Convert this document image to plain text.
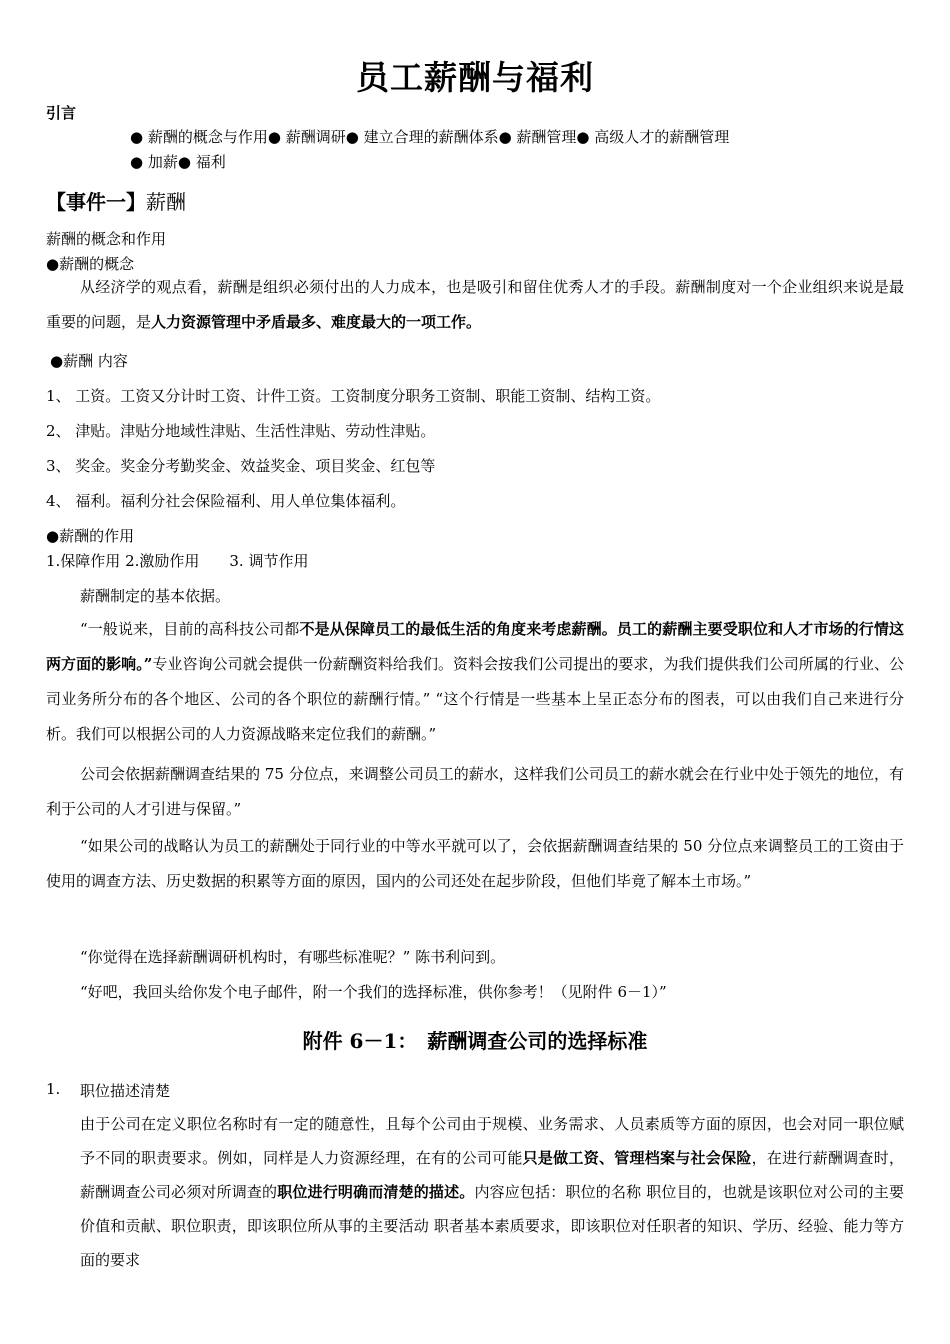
员工薪酬与福利
引言
● 薪酬的概念与作用● 薪酬调研● 建立合理的薪酬体系● 薪酬管理● 高级人才的薪酬管理
● 加薪● 福利
【事件一】薪酬
薪酬的概念和作用
●薪酬的概念
从经济学的观点看，薪酬是组织必须付出的人力成本，也是吸引和留住优秀人才的手段。薪酬制度对一个企业组织来说是最重要的问题，是人力资源管理中矛盾最多、难度最大的一项工作。
●薪酬 内容
1、 工资。工资又分计时工资、计件工资。工资制度分职务工资制、职能工资制、结构工资。
2、 津贴。津贴分地域性津贴、生活性津贴、劳动性津贴。
3、 奖金。奖金分考勤奖金、效益奖金、项目奖金、红包等
4、 福利。福利分社会保险福利、用人单位集体福利。
●薪酬的作用
1.保障作用 2.激励作用　　3. 调节作用
薪酬制定的基本依据。
“一般说来，目前的高科技公司都不是从保障员工的最低生活的角度来考虑薪酬。员工的薪酬主要受职位和人才市场的行情这两方面的影响。”专业咨询公司就会提供一份薪酬资料给我们。资料会按我们公司提出的要求，为我们提供我们公司所属的行业、公司业务所分布的各个地区、公司的各个职位的薪酬行情。” “这个行情是一些基本上呈正态分布的图表，可以由我们自己来进行分析。我们可以根据公司的人力资源战略来定位我们的薪酬。”
公司会依据薪酬调查结果的 75 分位点，来调整公司员工的薪水，这样我们公司员工的薪水就会在行业中处于领先的地位，有利于公司的人才引进与保留。”
“如果公司的战略认为员工的薪酬处于同行业的中等水平就可以了，会依据薪酬调查结果的 50 分位点来调整员工的工资由于使用的调查方法、历史数据的积累等方面的原因，国内的公司还处在起步阶段，但他们毕竟了解本土市场。”
“你觉得在选择薪酬调研机构时，有哪些标准呢？” 陈书利问到。
“好吧，我回头给你发个电子邮件，附一个我们的选择标准，供你参考！（见附件 6－1）”
附件 6－1：　薪酬调查公司的选择标准
1. 职位描述清楚
由于公司在定义职位名称时有一定的随意性，且每个公司由于规模、业务需求、人员素质等方面的原因，也会对同一职位赋予不同的职责要求。例如，同样是人力资源经理，在有的公司可能只是做工资、管理档案与社会保险，在进行薪酬调查时，薪酬调查公司必须对所调查的职位进行明确而清楚的描述。内容应包括：职位的名称 职位目的，也就是该职位对公司的主要价值和贡献、职位职责，即该职位所从事的主要活动 职者基本素质要求，即该职位对任职者的知识、学历、经验、能力等方面的要求
